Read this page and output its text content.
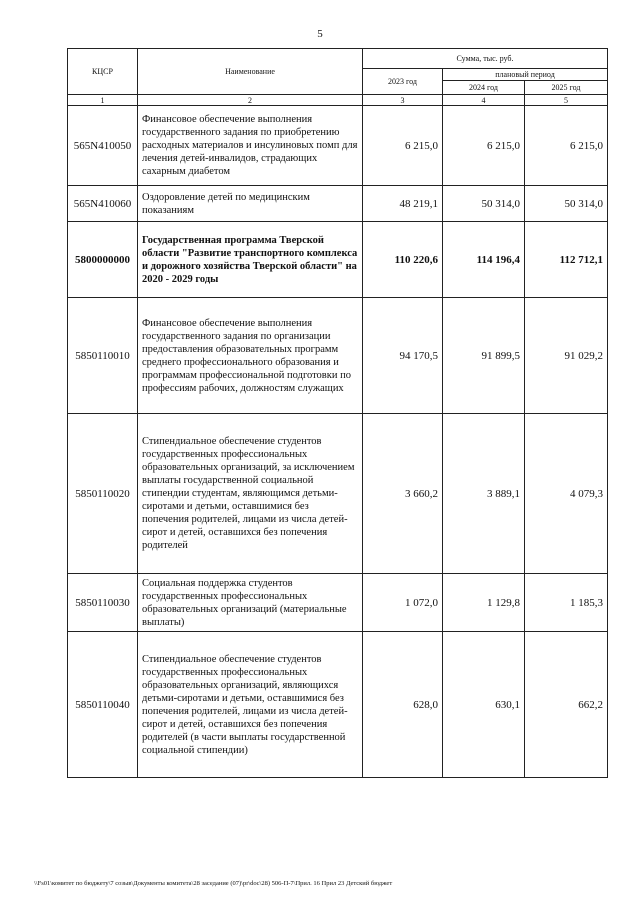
5
КЦСР	Наименование	Сумма, тыс. руб.		
		2023 год	плановый период	
			2024 год	2025 год
1	2	3	4	5
565N410050	Финансовое обеспечение выполнения государственного задания по приобретению расходных материалов и инсулиновых помп для лечения детей-инвалидов, страдающих сахарным диабетом	6 215,0	6 215,0	6 215,0
565N410060	Оздоровление детей по медицинским показаниям	48 219,1	50 314,0	50 314,0
5800000000	Государственная программа Тверской области "Развитие транспортного комплекса и дорожного хозяйства Тверской области" на 2020 - 2029 годы	110 220,6	114 196,4	112 712,1
5850110010	Финансовое обеспечение выполнения государственного задания по организации предоставления образовательных программ среднего профессионального образования и программам профессиональной подготовки по профессиям рабочих, должностям служащих	94 170,5	91 899,5	91 029,2
5850110020	Стипендиальное обеспечение студентов государственных профессиональных образовательных организаций, за исключением выплаты государственной социальной стипендии студентам, являющимся детьми-сиротами и детьми, оставшимися без попечения родителей, лицами из числа детей-сирот и детей, оставшихся без попечения родителей	3 660,2	3 889,1	4 079,3
5850110030	Социальная поддержка студентов государственных профессиональных образовательных организаций (материальные выплаты)	1 072,0	1 129,8	1 185,3
5850110040	Стипендиальное обеспечение студентов государственных профессиональных образовательных организаций, являющихся детьми-сиротами и детьми, оставшимися без попечения родителей, лицами из числа детей-сирот и детей, оставшихся без попечения родителей (в части выплаты государственной социальной стипендии)	628,0	630,1	662,2
\\Fs01\комитет по бюджету\7 созыв\Документы комитета\28 заседание (07)\pr\doc\28) 506-П-7\Прил. 16 Прил 23 Детский бюджет
